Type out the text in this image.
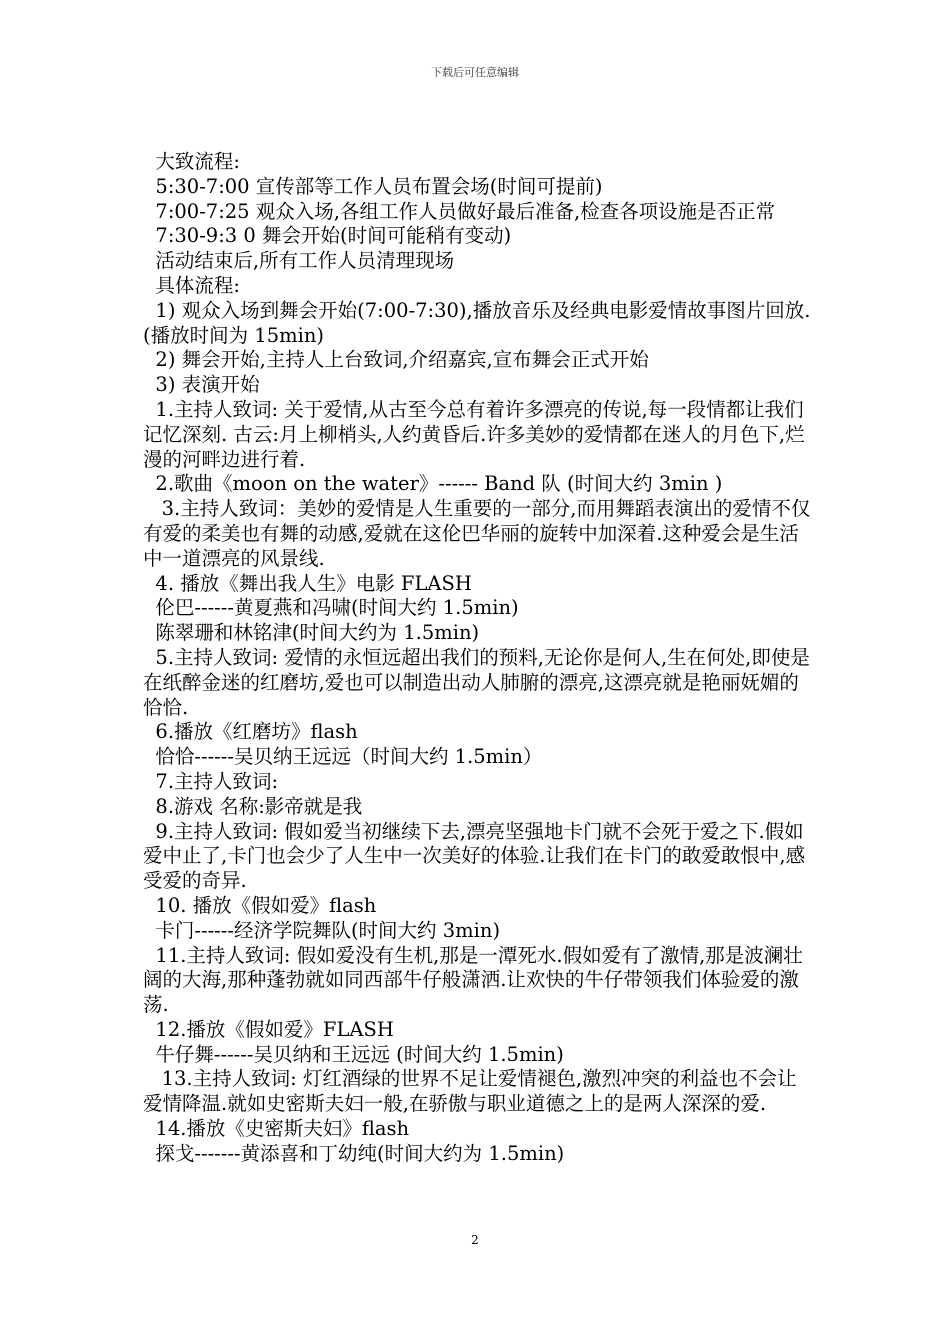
下载后可任意编辑
大致流程:
5:30-7:00 宣传部等工作人员布置会场(时间可提前)
7:00-7:25 观众入场,各组工作人员做好最后准备,检查各项设施是否正常
7:30-9:3 0 舞会开始(时间可能稍有变动)
活动结束后,所有工作人员清理现场
具体流程:
1) 观众入场到舞会开始(7:00-7:30),播放音乐及经典电影爱情故事图片回放.(播放时间为 15min)
2) 舞会开始,主持人上台致词,介绍嘉宾,宣布舞会正式开始
3) 表演开始
1.主持人致词: 关于爱情,从古至今总有着许多漂亮的传说,每一段情都让我们记忆深刻. 古云:月上柳梢头,人约黄昏后.许多美妙的爱情都在迷人的月色下,烂漫的河畔边进行着.
2.歌曲《moon on the water》------ Band 队 (时间大约 3min )
3.主持人致词：美妙的爱情是人生重要的一部分,而用舞蹈表演出的爱情不仅有爱的柔美也有舞的动感,爱就在这伦巴华丽的旋转中加深着.这种爱会是生活中一道漂亮的风景线.
4. 播放《舞出我人生》电影 FLASH
伦巴------黄夏燕和冯啸(时间大约 1.5min)
陈翠珊和林铭津(时间大约为 1.5min)
5.主持人致词: 爱情的永恒远超出我们的预料,无论你是何人,生在何处,即使是在纸醉金迷的红磨坊,爱也可以制造出动人肺腑的漂亮,这漂亮就是艳丽妩媚的恰恰.
6.播放《红磨坊》flash
恰恰------吴贝纳王远远（时间大约 1.5min）
7.主持人致词:
8.游戏 名称:影帝就是我
9.主持人致词: 假如爱当初继续下去,漂亮坚强地卡门就不会死于爱之下.假如爱中止了,卡门也会少了人生中一次美好的体验.让我们在卡门的敢爱敢恨中,感受爱的奇异.
10. 播放《假如爱》flash
卡门------经济学院舞队(时间大约 3min)
11.主持人致词: 假如爱没有生机,那是一潭死水.假如爱有了激情,那是波澜壮阔的大海,那种蓬勃就如同西部牛仔般潇洒.让欢快的牛仔带领我们体验爱的激荡.
12.播放《假如爱》FLASH
牛仔舞------吴贝纳和王远远 (时间大约 1.5min)
13.主持人致词: 灯红酒绿的世界不足让爱情褪色,激烈冲突的利益也不会让爱情降温.就如史密斯夫妇一般,在骄傲与职业道德之上的是两人深深的爱.
14.播放《史密斯夫妇》flash
探戈-------黄添喜和丁幼纯(时间大约为 1.5min)
2
